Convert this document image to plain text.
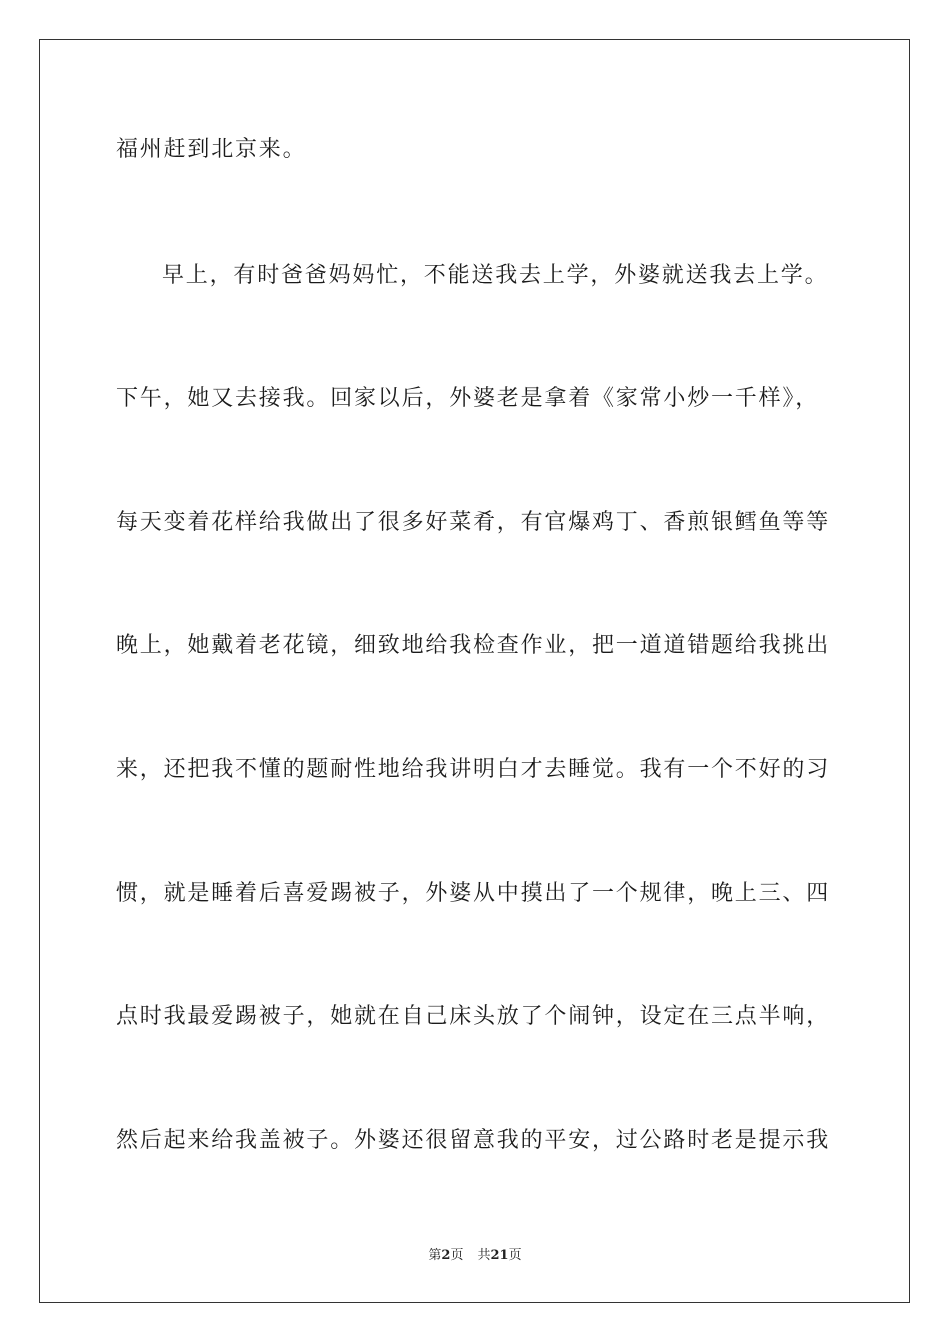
福州赶到北京来。
早上，有时爸爸妈妈忙，不能送我去上学，外婆就送我去上学。
下午，她又去接我。回家以后，外婆老是拿着《家常小炒一千样》，
每天变着花样给我做出了很多好菜肴，有官爆鸡丁、香煎银鳕鱼等等
晚上，她戴着老花镜，细致地给我检查作业，把一道道错题给我挑出
来，还把我不懂的题耐性地给我讲明白才去睡觉。我有一个不好的习
惯，就是睡着后喜爱踢被子，外婆从中摸出了一个规律，晚上三、四
点时我最爱踢被子，她就在自己床头放了个闹钟，设定在三点半响，
然后起来给我盖被子。外婆还很留意我的平安，过公路时老是提示我
第2页 共21页
